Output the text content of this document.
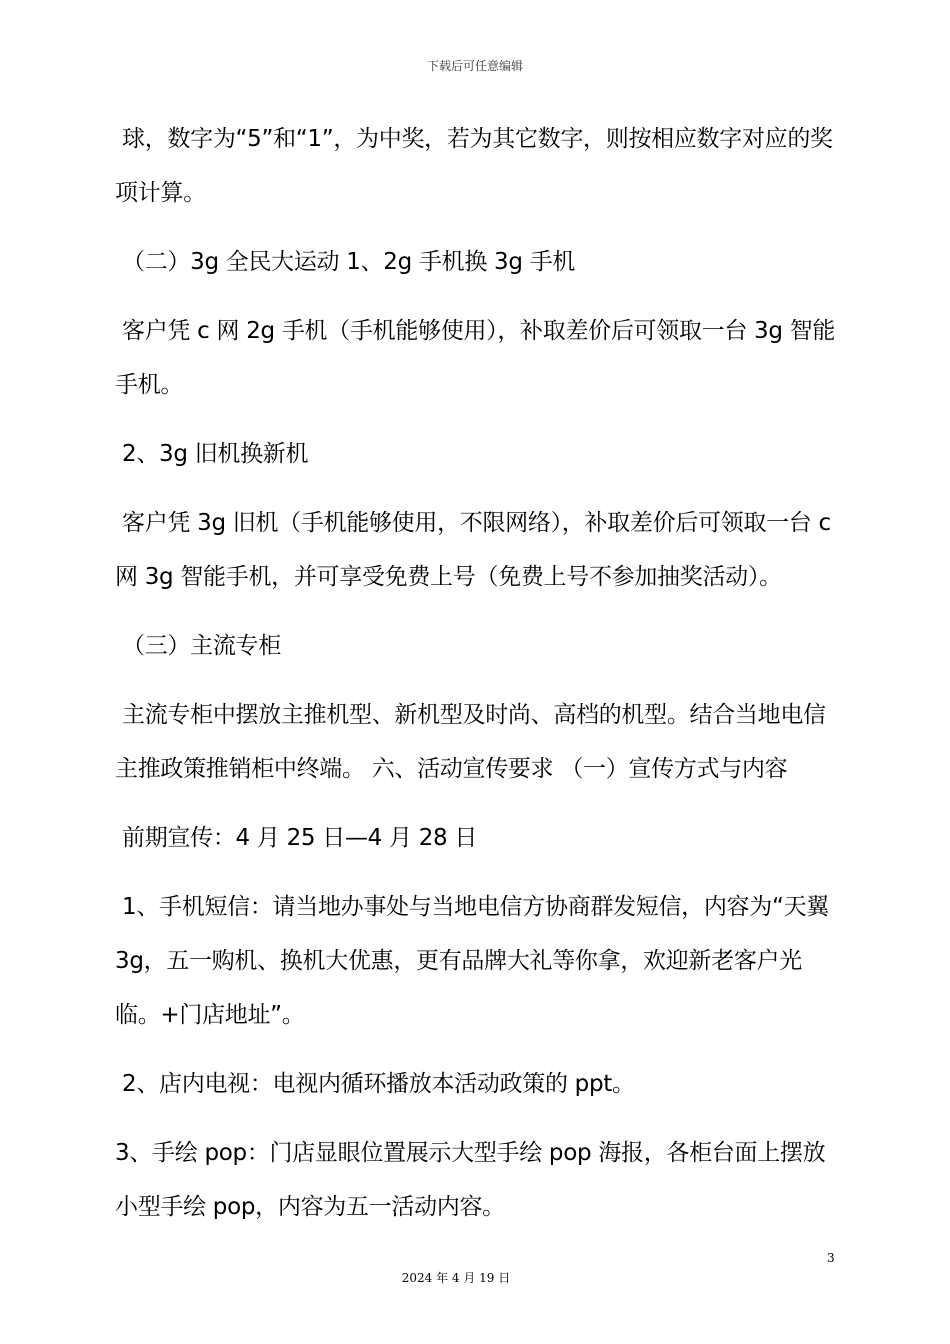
下载后可任意编辑

球，数字为“5”和“1”，为中奖，若为其它数字，则按相应数字对应的奖项计算。

（二）3g 全民大运动 1、2g 手机换 3g 手机

客户凭 c 网 2g 手机（手机能够使用），补取差价后可领取一台 3g 智能手机。

2、3g 旧机换新机

客户凭 3g 旧机（手机能够使用，不限网络），补取差价后可领取一台 c 网 3g 智能手机，并可享受免费上号（免费上号不参加抽奖活动）。

（三）主流专柜

主流专柜中摆放主推机型、新机型及时尚、高档的机型。结合当地电信主推政策推销柜中终端。 六、活动宣传要求 （一）宣传方式与内容

前期宣传：4 月 25 日—4 月 28 日

1、手机短信：请当地办事处与当地电信方协商群发短信，内容为“天翼 3g，五一购机、换机大优惠，更有品牌大礼等你拿，欢迎新老客户光临。+门店地址”。

2、店内电视：电视内循环播放本活动政策的 ppt。

3、手绘 pop：门店显眼位置展示大型手绘 pop 海报，各柜台面上摆放小型手绘 pop，内容为五一活动内容。

3
2024 年 4 月 19 日
